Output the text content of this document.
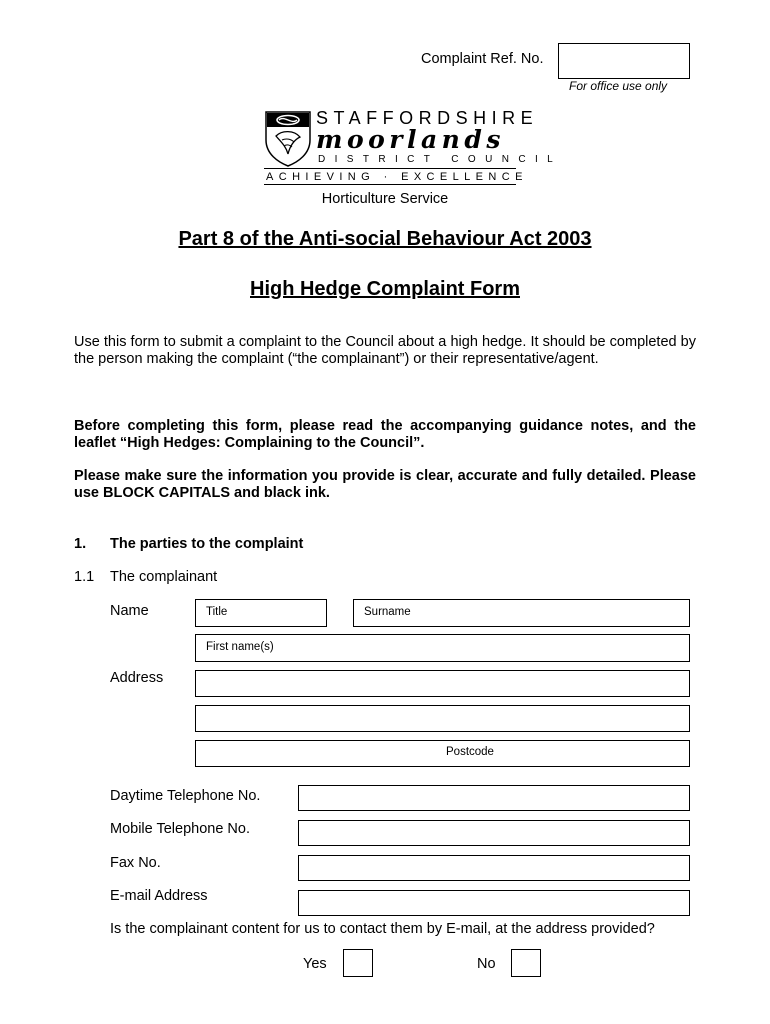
Complaint Ref. No.
For office use only
STAFFORDSHIRE
moorlands
DISTRICT COUNCIL
ACHIEVING · EXCELLENCE
Horticulture Service
Part 8 of the Anti-social Behaviour Act 2003
High Hedge Complaint Form
Use this form to submit a complaint to the Council about a high hedge. It should be completed by the person making the complaint (“the complainant”) or their representative/agent.
Before completing this form, please read the accompanying guidance notes, and the leaflet “High Hedges: Complaining to the Council”.
Please make sure the information you provide is clear, accurate and fully detailed. Please use BLOCK CAPITALS and black ink.
1. The parties to the complaint
1.1 The complainant
Name	Title	Surname
First name(s)
Address
Postcode
Daytime Telephone No.
Mobile Telephone No.
Fax No.
E-mail Address
Is the complainant content for us to contact them by E-mail, at the address provided?
Yes	No
